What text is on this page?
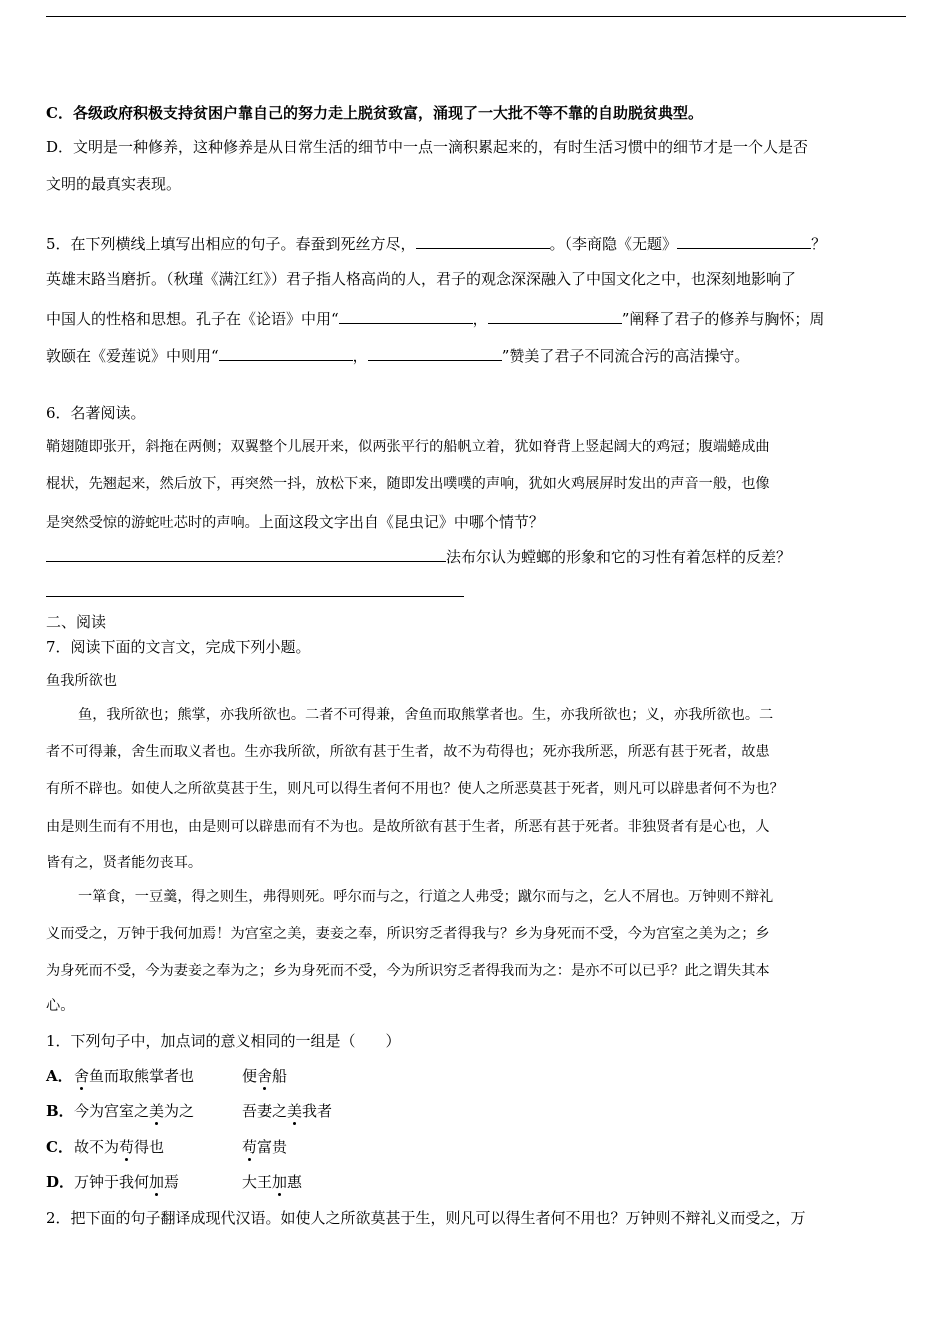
C．各级政府积极支持贫困户靠自己的努力走上脱贫致富，涌现了一大批不等不靠的自助脱贫典型。

D．文明是一种修养，这种修养是从日常生活的细节中一点一滴积累起来的，有时生活习惯中的细节才是一个人是否

文明的最真实表现。

5．在下列横线上填写出相应的句子。春蚕到死丝方尽，	。（李商隐《无题》	？

英雄末路当磨折。（秋瑾《满江红》）君子指人格高尚的人，君子的观念深深融入了中国文化之中，也深刻地影响了

中国人的性格和思想。孔子在《论语》中用“	，	”阐释了君子的修养与胸怀；周

敦颐在《爱莲说》中则用“	，	”赞美了君子不同流合污的高洁操守。

6．名著阅读。

鞘翅随即张开，斜拖在两侧；双翼整个儿展开来，似两张平行的船帆立着，犹如脊背上竖起阔大的鸡冠；腹端蜷成曲

棍状，先翘起来，然后放下，再突然一抖，放松下来，随即发出噗噗的声响，犹如火鸡展屏时发出的声音一般，也像

是突然受惊的游蛇吐芯时的声响。上面这段文字出自《昆虫记》中哪个情节？

法布尔认为螳螂的形象和它的习性有着怎样的反差？

二、阅读

7．阅读下面的文言文，完成下列小题。

鱼我所欲也

鱼，我所欲也；熊掌，亦我所欲也。二者不可得兼，舍鱼而取熊掌者也。生，亦我所欲也；义，亦我所欲也。二

者不可得兼，舍生而取义者也。生亦我所欲，所欲有甚于生者，故不为苟得也；死亦我所恶，所恶有甚于死者，故患

有所不辟也。如使人之所欲莫甚于生，则凡可以得生者何不用也？使人之所恶莫甚于死者，则凡可以辟患者何不为也？

由是则生而有不用也，由是则可以辟患而有不为也。是故所欲有甚于生者，所恶有甚于死者。非独贤者有是心也，人

皆有之，贤者能勿丧耳。

一箪食，一豆羹，得之则生，弗得则死。呼尔而与之，行道之人弗受；蹴尔而与之，乞人不屑也。万钟则不辩礼

义而受之，万钟于我何加焉！为宫室之美，妻妾之奉，所识穷乏者得我与？乡为身死而不受，今为宫室之美为之；乡

为身死而不受，今为妻妾之奉为之；乡为身死而不受，今为所识穷乏者得我而为之：是亦不可以已乎？此之谓失其本

心。

1．下列句子中，加点词的意义相同的一组是（　　）

A． 舍鱼而取熊掌者也	便舍船
B． 今为宫室之美为之	吾妻之美我者
C． 故不为苟得也	苟富贵
D． 万钟于我何加焉	大王加惠

2．把下面的句子翻译成现代汉语。如使人之所欲莫甚于生，则凡可以得生者何不用也？万钟则不辩礼义而受之，万
